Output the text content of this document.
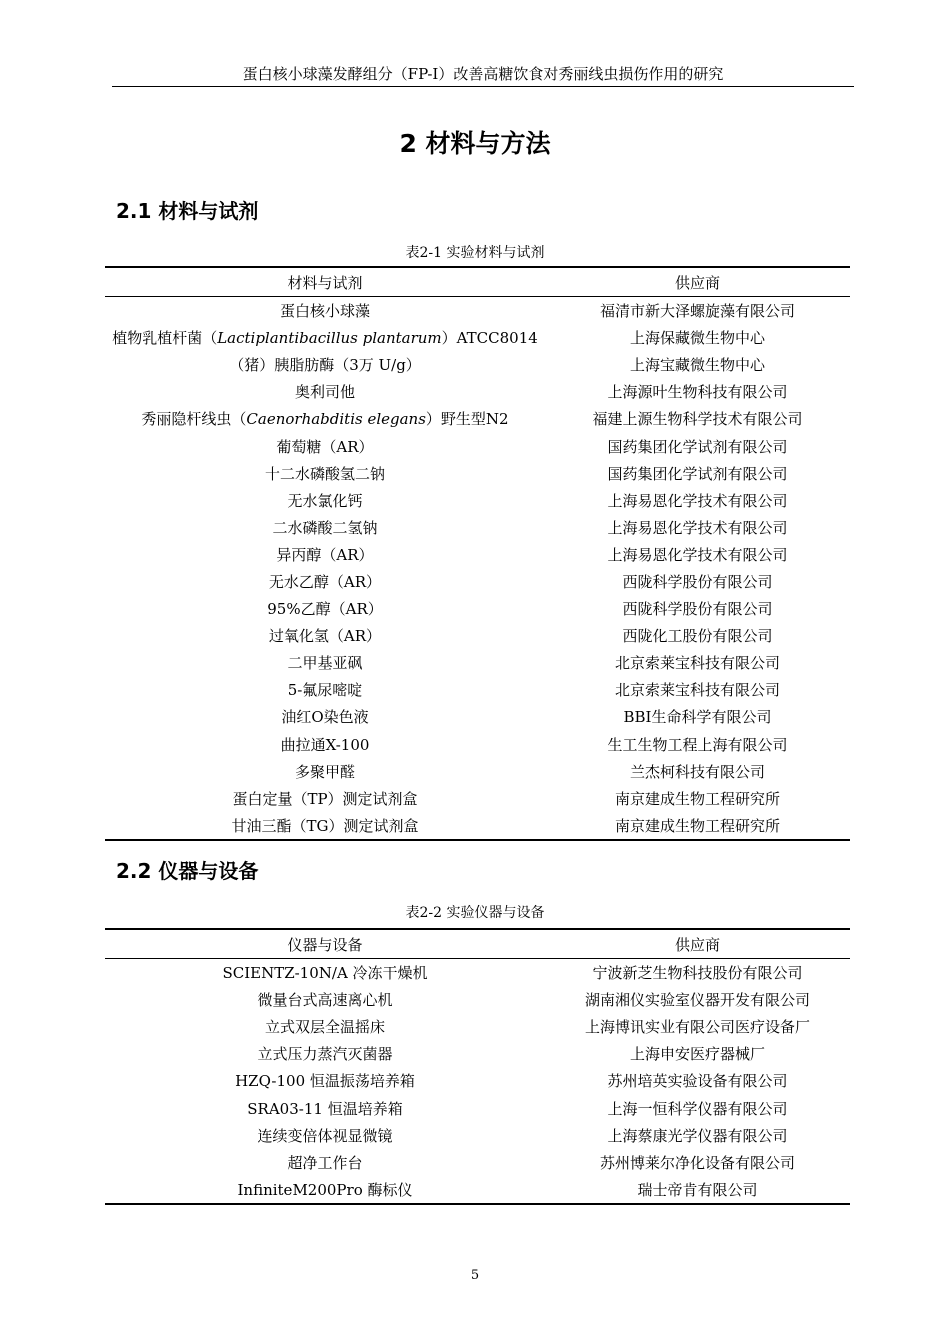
蛋白核小球藻发酵组分（FP-I）改善高糖饮食对秀丽线虫损伤作用的研究
2 材料与方法
2.1 材料与试剂
表2-1 实验材料与试剂
材料与试剂	供应商
蛋白核小球藻	福清市新大泽螺旋藻有限公司
植物乳植杆菌（Lactiplantibacillus plantarum）ATCC8014	上海保藏微生物中心
（猪）胰脂肪酶（3万 U/g）	上海宝藏微生物中心
奥利司他	上海源叶生物科技有限公司
秀丽隐杆线虫（Caenorhabditis elegans）野生型N2	福建上源生物科学技术有限公司
葡萄糖（AR）	国药集团化学试剂有限公司
十二水磷酸氢二钠	国药集团化学试剂有限公司
无水氯化钙	上海易恩化学技术有限公司
二水磷酸二氢钠	上海易恩化学技术有限公司
异丙醇（AR）	上海易恩化学技术有限公司
无水乙醇（AR）	西陇科学股份有限公司
95%乙醇（AR）	西陇科学股份有限公司
过氧化氢（AR）	西陇化工股份有限公司
二甲基亚砜	北京索莱宝科技有限公司
5-氟尿嘧啶	北京索莱宝科技有限公司
油红O染色液	BBI生命科学有限公司
曲拉通X-100	生工生物工程上海有限公司
多聚甲醛	兰杰柯科技有限公司
蛋白定量（TP）测定试剂盒	南京建成生物工程研究所
甘油三酯（TG）测定试剂盒	南京建成生物工程研究所
2.2 仪器与设备
表2-2 实验仪器与设备
仪器与设备	供应商
SCIENTZ-10N/A 冷冻干燥机	宁波新芝生物科技股份有限公司
微量台式高速离心机	湖南湘仪实验室仪器开发有限公司
立式双层全温摇床	上海博讯实业有限公司医疗设备厂
立式压力蒸汽灭菌器	上海申安医疗器械厂
HZQ-100 恒温振荡培养箱	苏州培英实验设备有限公司
SRA03-11 恒温培养箱	上海一恒科学仪器有限公司
连续变倍体视显微镜	上海蔡康光学仪器有限公司
超净工作台	苏州博莱尔净化设备有限公司
InfiniteM200Pro 酶标仪	瑞士帝肯有限公司
5
